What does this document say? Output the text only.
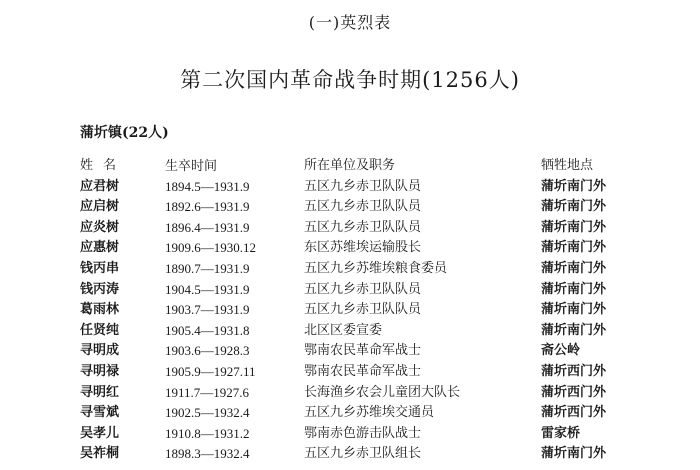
(一)英烈表
第二次国内革命战争时期(1256人)
蒲圻镇(22人)
姓名	生卒时间	所在单位及职务	牺牲地点
应君树	1894.5—1931.9	五区九乡赤卫队队员	蒲圻南门外
应启树	1892.6—1931.9	五区九乡赤卫队队员	蒲圻南门外
应炎树	1896.4—1931.9	五区九乡赤卫队队员	蒲圻南门外
应惠树	1909.6—1930.12	东区苏维埃运输股长	蒲圻南门外
钱丙串	1890.7—1931.9	五区九乡苏维埃粮食委员	蒲圻南门外
钱丙涛	1904.5—1931.9	五区九乡赤卫队队员	蒲圻南门外
葛雨林	1903.7—1931.9	五区九乡赤卫队队员	蒲圻南门外
任贤纯	1905.4—1931.8	北区区委宣委	蒲圻南门外
寻明成	1903.6—1928.3	鄂南农民革命军战士	斋公岭
寻明禄	1905.9—1927.11	鄂南农民革命军战士	蒲圻西门外
寻明红	1911.7—1927.6	长海渔乡农会儿童团大队长	蒲圻西门外
寻雪斌	1902.5—1932.4	五区九乡苏维埃交通员	蒲圻西门外
吴孝儿	1910.8—1931.2	鄂南赤色游击队战士	雷家桥
吴祚桐	1898.3—1932.4	五区九乡赤卫队组长	蒲圻南门外
